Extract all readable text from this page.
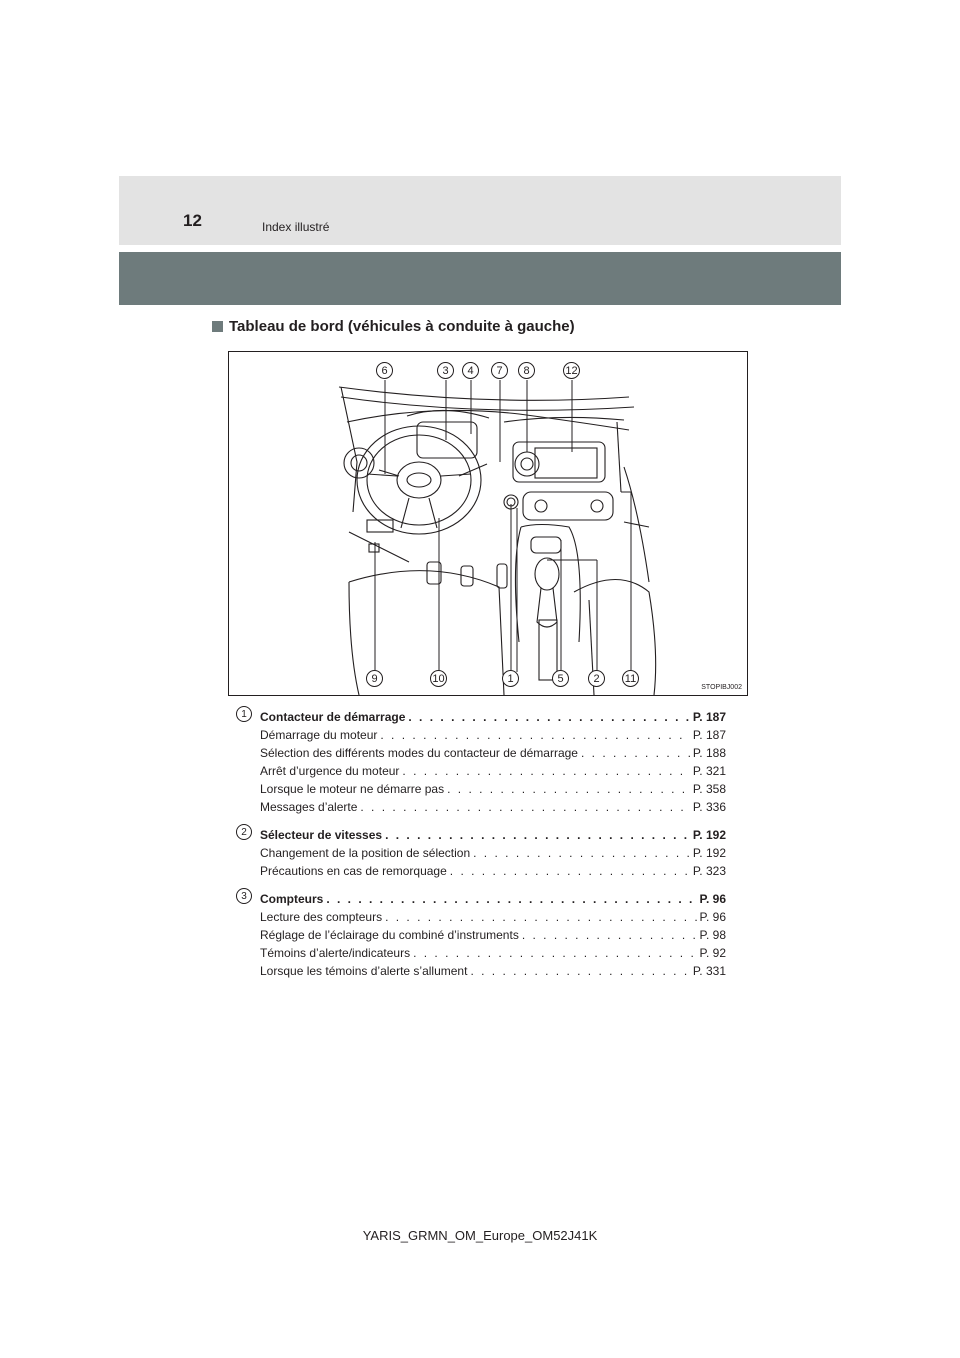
12	Index illustré
Tableau de bord (véhicules à conduite à gauche)
6	3	4	7	8	12
9	10	1	5	2	11
STOPIBJ002
1	Contacteur de démarrage . . .	P. 187
Démarrage du moteur . . .	P. 187
Sélection des différents modes du contacteur de démarrage . . .	P. 188
Arrêt d’urgence du moteur . . .	P. 321
Lorsque le moteur ne démarre pas . . .	P. 358
Messages d’alerte . . .	P. 336
2	Sélecteur de vitesses . . .	P. 192
Changement de la position de sélection . . .	P. 192
Précautions en cas de remorquage . . .	P. 323
3	Compteurs . . .	P. 96
Lecture des compteurs . . .	P. 96
Réglage de l’éclairage du combiné d’instruments . . .	P. 98
Témoins d’alerte/indicateurs . . .	P. 92
Lorsque les témoins d’alerte s’allument . . .	P. 331
YARIS_GRMN_OM_Europe_OM52J41K
